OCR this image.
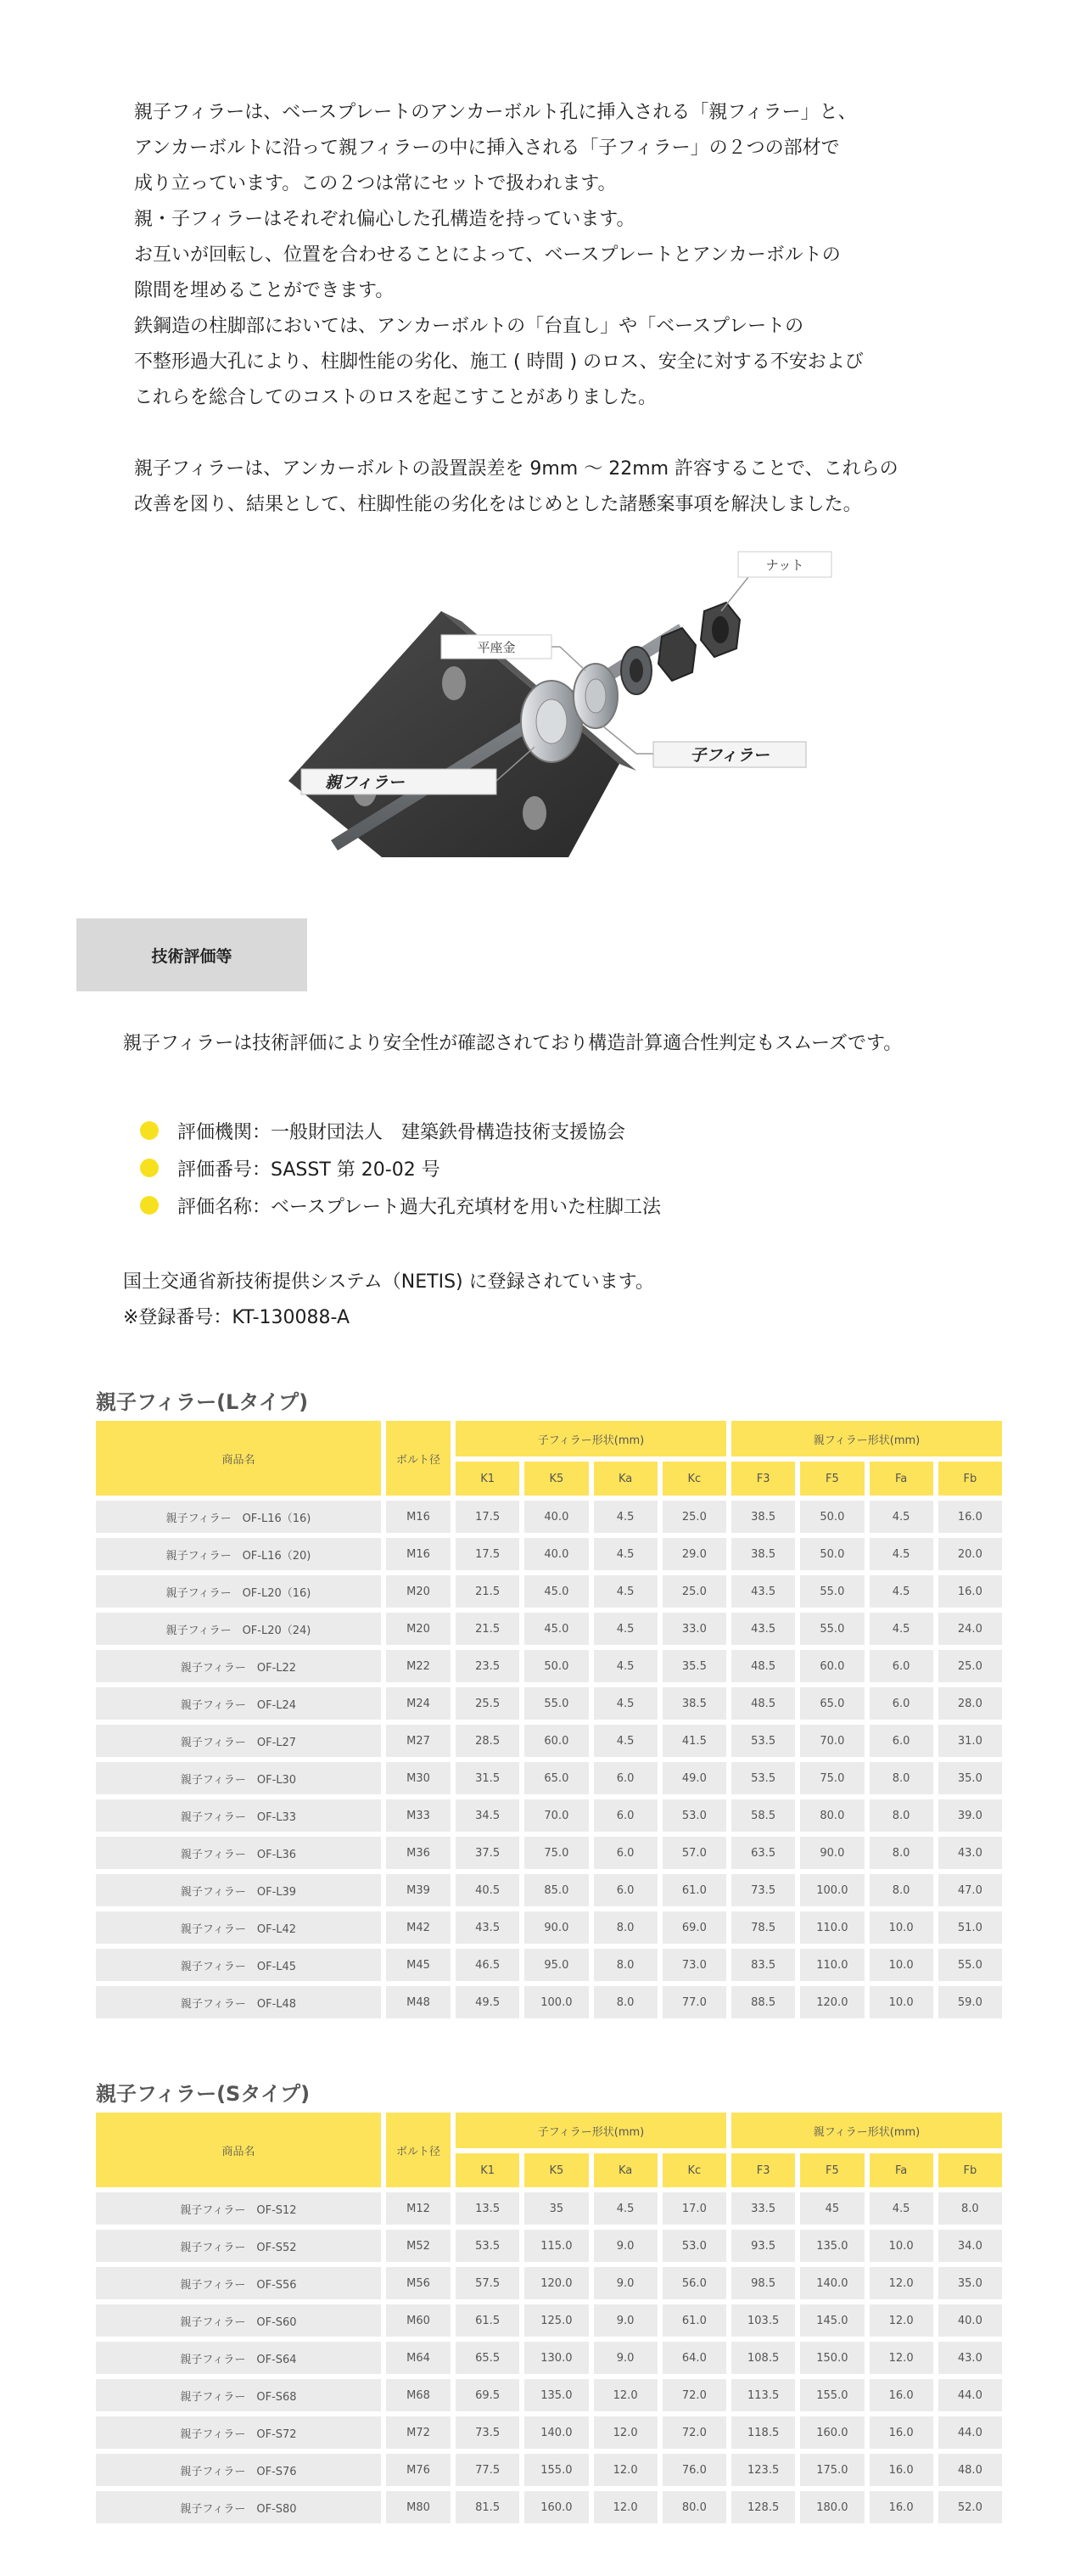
親子フィラーは、ベースプレートのアンカーボルト孔に挿入される「親フィラー」と、

アンカーボルトに沿って親フィラーの中に挿入される「子フィラー」の２つの部材で

成り立っています。この２つは常にセットで扱われます。

親・子フィラーはそれぞれ偏心した孔構造を持っています。

お互いが回転し、位置を合わせることによって、ベースプレートとアンカーボルトの

隙間を埋めることができます。

鉄鋼造の柱脚部においては、アンカーボルトの「台直し」や「ベースプレートの

不整形過大孔により、柱脚性能の劣化、施工 ( 時間 ) のロス、安全に対する不安および

これらを総合してのコストのロスを起こすことがありました。

親子フィラーは、アンカーボルトの設置誤差を 9mm 〜 22mm 許容することで、これらの

改善を図り、結果として、柱脚性能の劣化をはじめとした諸懸案事項を解決しました。

ナット
平座金
子フィラー
親フィラー
技術評価等

親子フィラーは技術評価により安全性が確認されており構造計算適合性判定もスムーズです。

評価機関：一般財団法人　建築鉄骨構造技術支援協会
評価番号：SASST 第 20-02 号
評価名称：ベースプレート過大孔充填材を用いた柱脚工法

国土交通省新技術提供システム（NETIS) に登録されています。

※登録番号：KT-130088-A

親子フィラー(Lタイプ)
商品名	ボルト径	子フィラー形状(mm)				親フィラー形状(mm)			
		K1	K5	Ka	Kc	F3	F5	Fa	Fb
親子フィラー　OF-L16（16)	M16	17.5	40.0	4.5	25.0	38.5	50.0	4.5	16.0
親子フィラー　OF-L16（20)	M16	17.5	40.0	4.5	29.0	38.5	50.0	4.5	20.0
親子フィラー　OF-L20（16)	M20	21.5	45.0	4.5	25.0	43.5	55.0	4.5	16.0
親子フィラー　OF-L20（24)	M20	21.5	45.0	4.5	33.0	43.5	55.0	4.5	24.0
親子フィラー　OF-L22	M22	23.5	50.0	4.5	35.5	48.5	60.0	6.0	25.0
親子フィラー　OF-L24	M24	25.5	55.0	4.5	38.5	48.5	65.0	6.0	28.0
親子フィラー　OF-L27	M27	28.5	60.0	4.5	41.5	53.5	70.0	6.0	31.0
親子フィラー　OF-L30	M30	31.5	65.0	6.0	49.0	53.5	75.0	8.0	35.0
親子フィラー　OF-L33	M33	34.5	70.0	6.0	53.0	58.5	80.0	8.0	39.0
親子フィラー　OF-L36	M36	37.5	75.0	6.0	57.0	63.5	90.0	8.0	43.0
親子フィラー　OF-L39	M39	40.5	85.0	6.0	61.0	73.5	100.0	8.0	47.0
親子フィラー　OF-L42	M42	43.5	90.0	8.0	69.0	78.5	110.0	10.0	51.0
親子フィラー　OF-L45	M45	46.5	95.0	8.0	73.0	83.5	110.0	10.0	55.0
親子フィラー　OF-L48	M48	49.5	100.0	8.0	77.0	88.5	120.0	10.0	59.0
親子フィラー(Sタイプ)
商品名	ボルト径	子フィラー形状(mm)				親フィラー形状(mm)			
		K1	K5	Ka	Kc	F3	F5	Fa	Fb
親子フィラー　OF-S12	M12	13.5	35	4.5	17.0	33.5	45	4.5	8.0
親子フィラー　OF-S52	M52	53.5	115.0	9.0	53.0	93.5	135.0	10.0	34.0
親子フィラー　OF-S56	M56	57.5	120.0	9.0	56.0	98.5	140.0	12.0	35.0
親子フィラー　OF-S60	M60	61.5	125.0	9.0	61.0	103.5	145.0	12.0	40.0
親子フィラー　OF-S64	M64	65.5	130.0	9.0	64.0	108.5	150.0	12.0	43.0
親子フィラー　OF-S68	M68	69.5	135.0	12.0	72.0	113.5	155.0	16.0	44.0
親子フィラー　OF-S72	M72	73.5	140.0	12.0	72.0	118.5	160.0	16.0	44.0
親子フィラー　OF-S76	M76	77.5	155.0	12.0	76.0	123.5	175.0	16.0	48.0
親子フィラー　OF-S80	M80	81.5	160.0	12.0	80.0	128.5	180.0	16.0	52.0
